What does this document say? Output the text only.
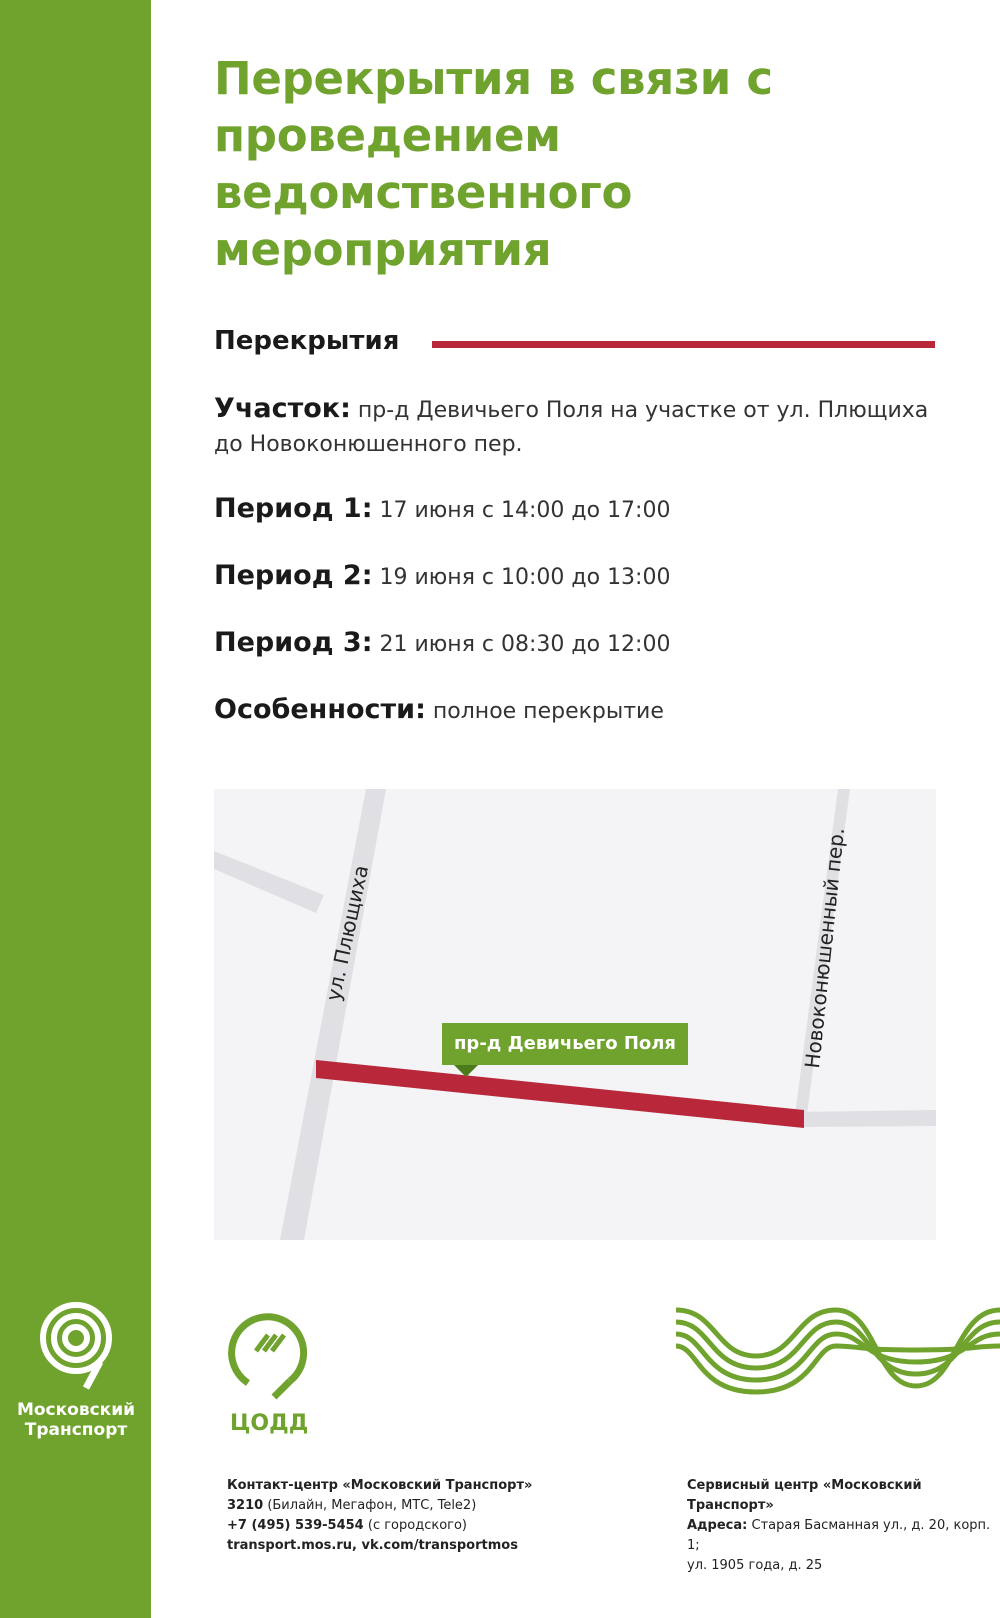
Московский
Транспорт
Перекрытия в связи с
проведением
ведомственного
мероприятия
Перекрытия
Участок: пр-д Девичьего Поля на участке от ул. Плющиха до Новоконюшенного пер.
Период 1: 17 июня с 14:00 до 17:00
Период 2: 19 июня с 10:00 до 13:00
Период 3: 21 июня с 08:30 до 12:00
Особенности: полное перекрытие
ул. Плющиха	Новоконюшенный пер.
пр-д Девичьего Поля
ЦОДД
Контакт-центр «Московский Транспорт»
3210 (Билайн, Мегафон, МТС, Tele2)
+7 (495) 539-5454 (с городского)
transport.mos.ru, vk.com/transportmos
Сервисный центр «Московский Транспорт»
Адреса: Старая Басманная ул., д. 20, корп. 1;
ул. 1905 года, д. 25
